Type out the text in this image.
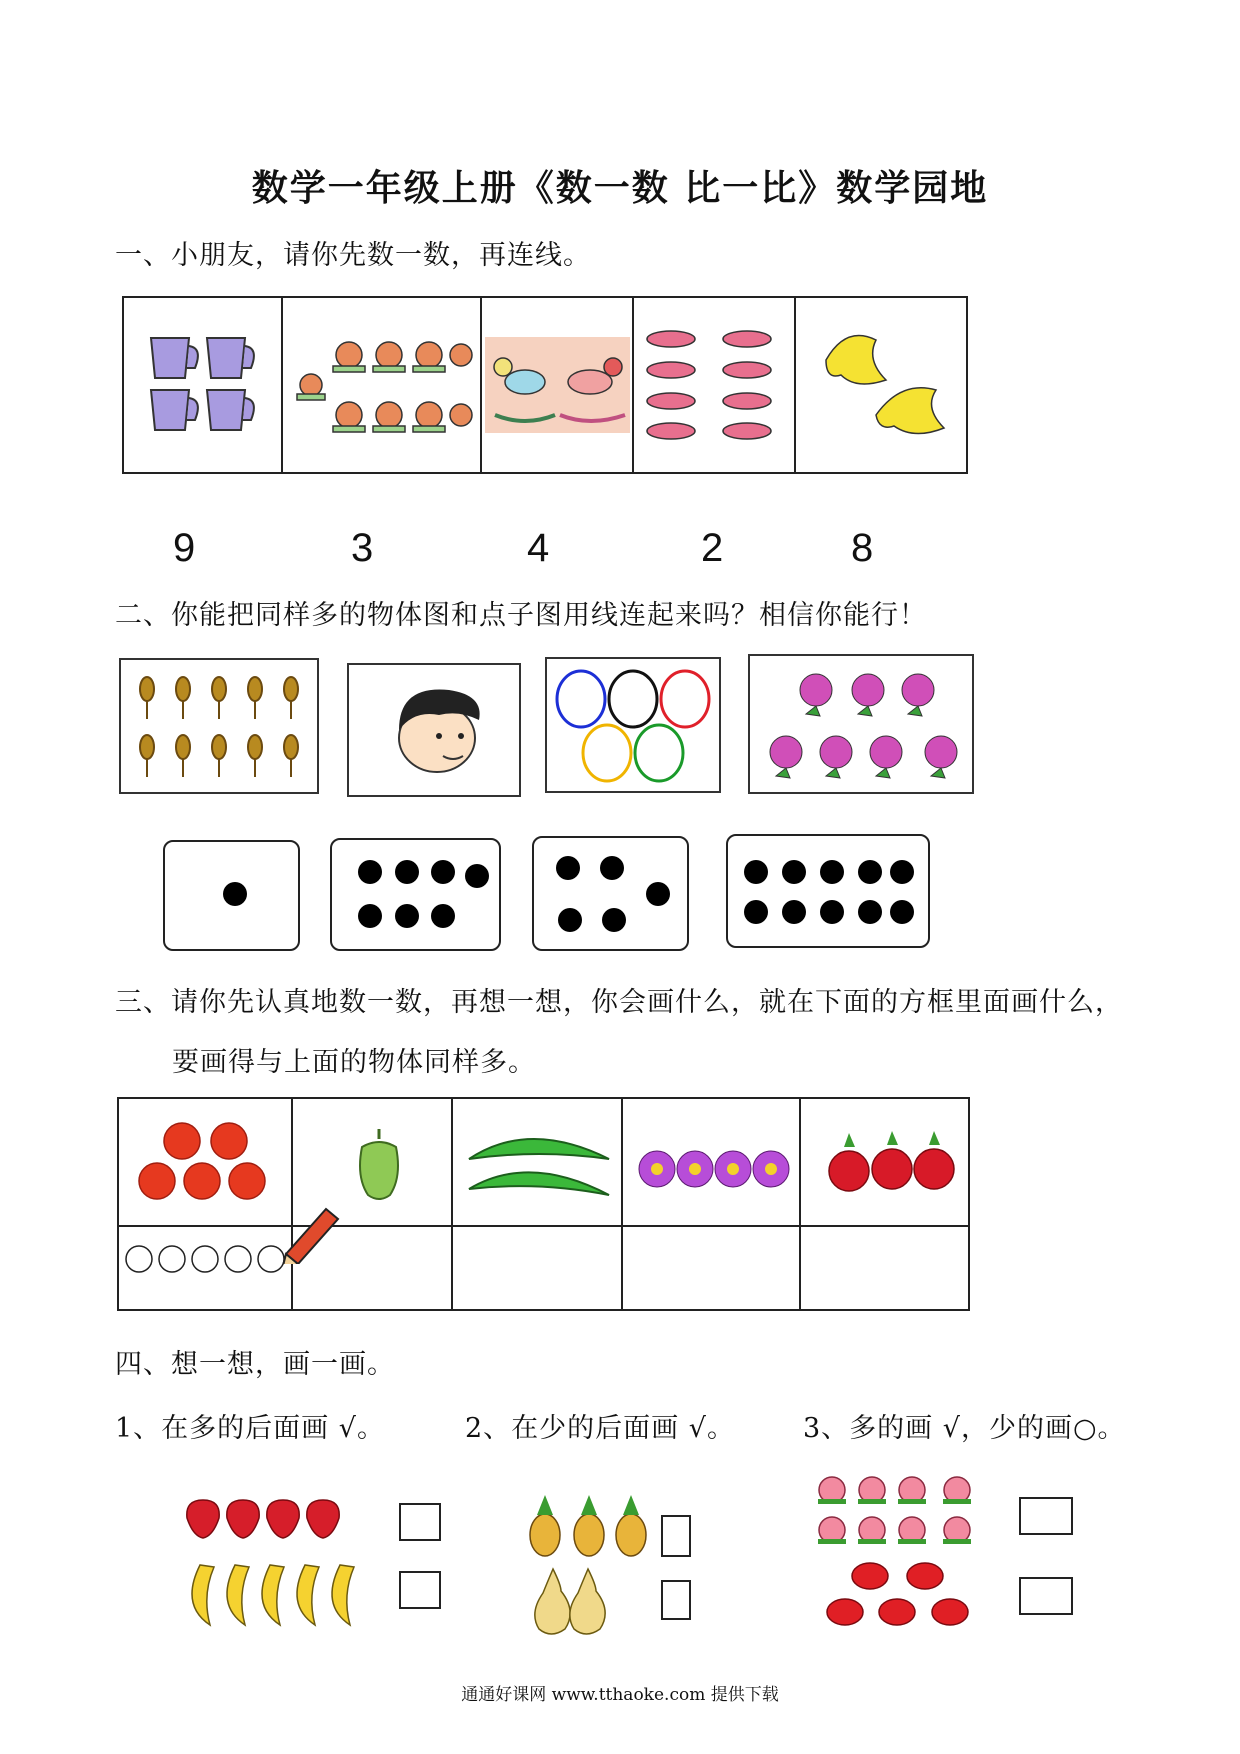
数学一年级上册《数一数 比一比》数学园地
一、小朋友，请你先数一数，再连线。
9	3	4	2	8
二、你能把同样多的物体图和点子图用线连起来吗？相信你能行！
三、请你先认真地数一数，再想一想，你会画什么，就在下面的方框里面画什么，
要画得与上面的物体同样多。
四、想一想，画一画。
1、在多的后面画 √。	2、在少的后面画 √。	3、多的画 √，少的画○。
通通好课网 www.tthaoke.com 提供下载
